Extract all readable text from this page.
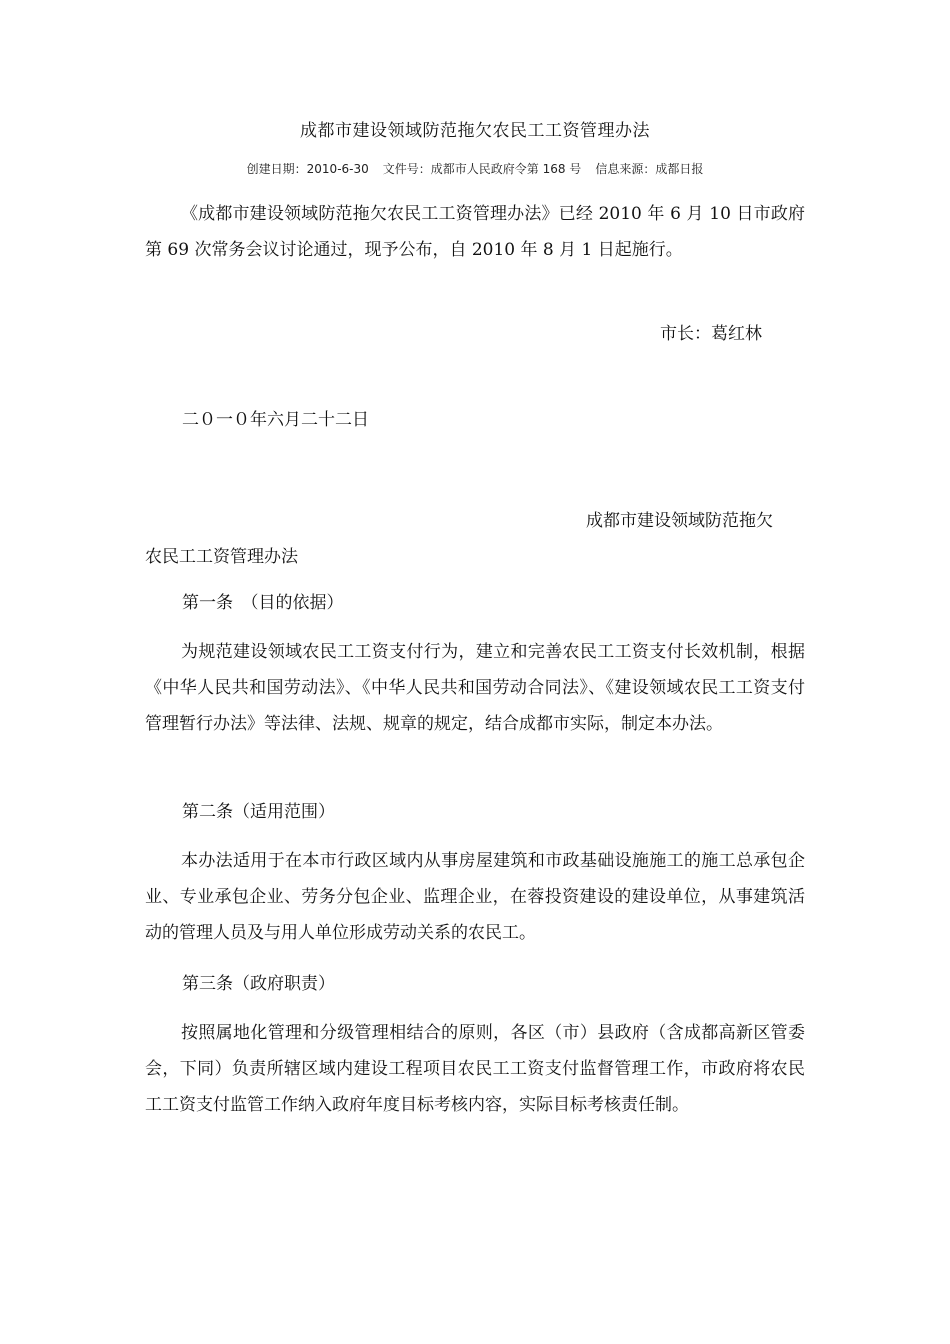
成都市建设领域防范拖欠农民工工资管理办法
创建日期：2010-6-30 文件号：成都市人民政府令第 168 号 信息来源：成都日报

《成都市建设领域防范拖欠农民工工资管理办法》已经 2010 年 6 月 10 日市政府第 69 次常务会议讨论通过，现予公布，自 2010 年 8 月 1 日起施行。

市长：葛红林

二０一０年六月二十二日

成都市建设领域防范拖欠

农民工工资管理办法

第一条　（目的依据）

为规范建设领域农民工工资支付行为，建立和完善农民工工资支付长效机制，根据《中华人民共和国劳动法》、《中华人民共和国劳动合同法》、《建设领域农民工工资支付管理暂行办法》等法律、法规、规章的规定，结合成都市实际，制定本办法。

第二条（适用范围）

本办法适用于在本市行政区域内从事房屋建筑和市政基础设施施工的施工总承包企业、专业承包企业、劳务分包企业、监理企业，在蓉投资建设的建设单位，从事建筑活动的管理人员及与用人单位形成劳动关系的农民工。

第三条（政府职责）

按照属地化管理和分级管理相结合的原则，各区（市）县政府（含成都高新区管委会，下同）负责所辖区域内建设工程项目农民工工资支付监督管理工作，市政府将农民工工资支付监管工作纳入政府年度目标考核内容，实际目标考核责任制。
